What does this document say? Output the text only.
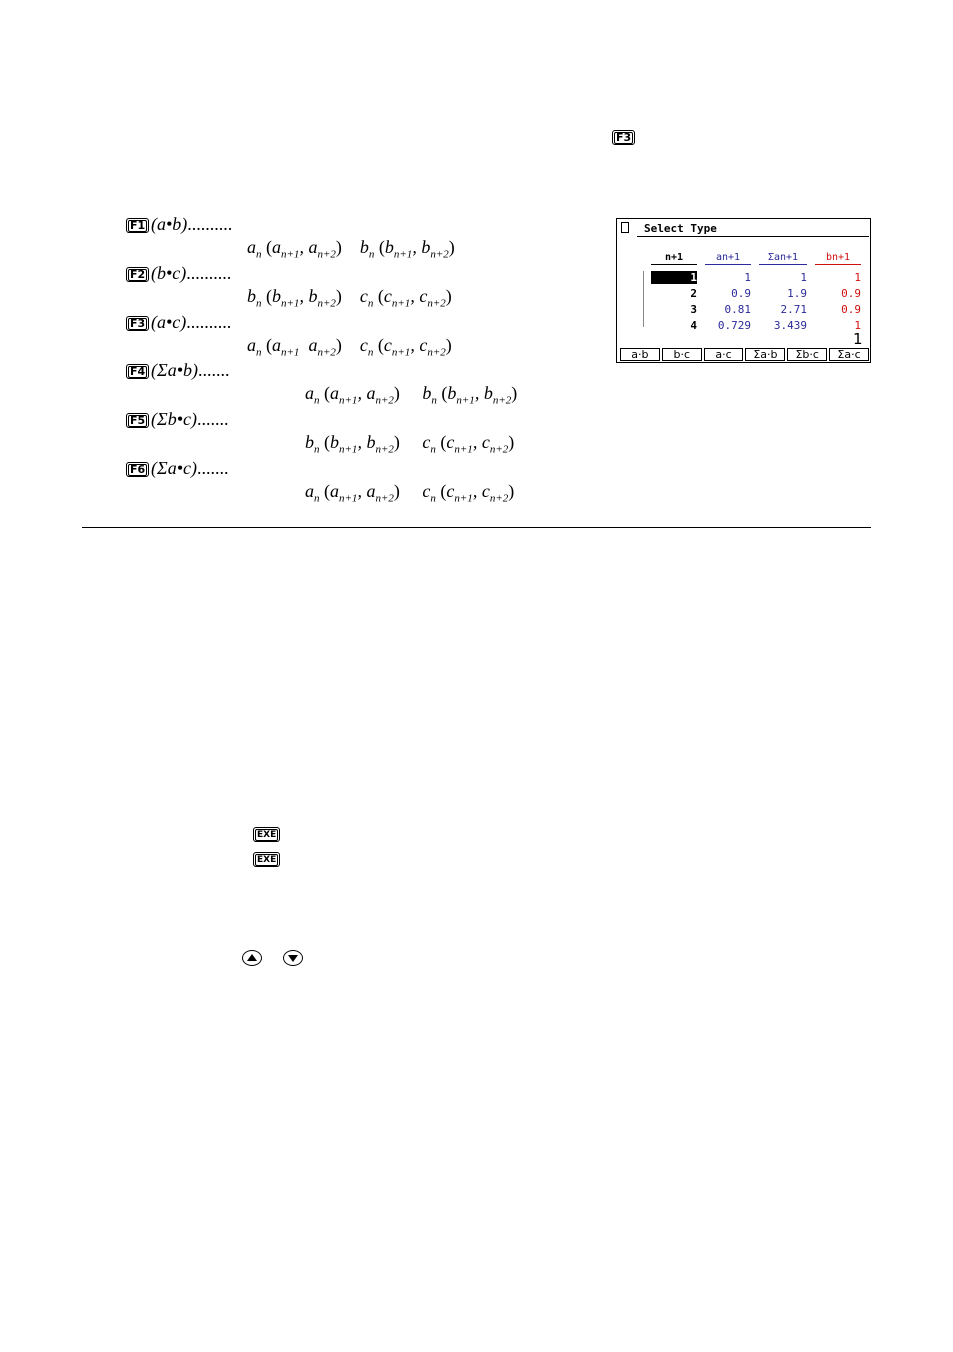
F3
F1 (a•b)..........
$a_n$ ($a_{n+1}$, $a_{n+2}$)    $b_n$ ($b_{n+1}$, $b_{n+2}$)
F2 (b•c)..........
$b_n$ ($b_{n+1}$, $b_{n+2}$)    $c_n$ ($c_{n+1}$, $c_{n+2}$)
F3 (a•c)..........
$a_n$ ($a_{n+1}$  $a_{n+2}$)    $c_n$ ($c_{n+1}$, $c_{n+2}$)
F4 (Σa•b).......
$a_n$ ($a_{n+1}$, $a_{n+2}$)     $b_n$ ($b_{n+1}$, $b_{n+2}$)
F5 (Σb•c).......
$b_n$ ($b_{n+1}$, $b_{n+2}$)     $c_n$ ($c_{n+1}$, $c_{n+2}$)
F6 (Σa•c).......
$a_n$ ($a_{n+1}$, $a_{n+2}$)     $c_n$ ($c_{n+1}$, $c_{n+2}$)
Select Type
n+1	an+1	Σan+1	bn+1
1	1	1	1
2	0.9	1.9	0.9
3	0.81	2.71	0.9
4	0.729	3.439	1
1
a·b	b·c	a·c	Σa·b	Σb·c	Σa·c
EXE
EXE
